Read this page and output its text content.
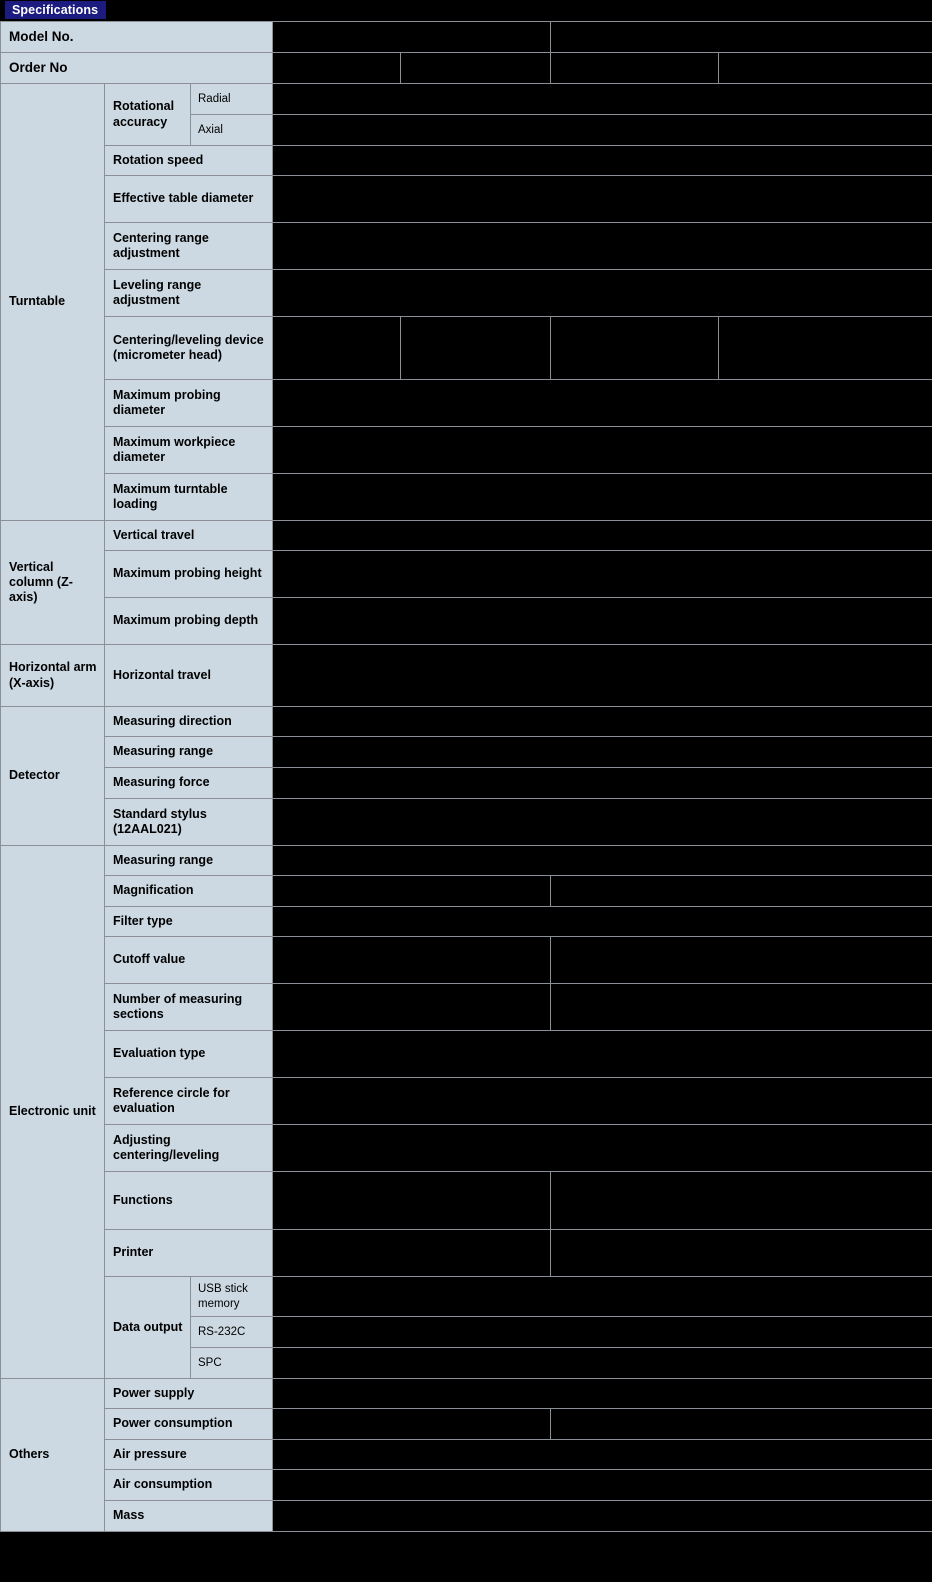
Specifications
Model No.					

Order No			

Turntable	Rotational accuracy	Radial				

		Axial				

	Rotation speed					

	Effective table diameter					

	Centering range adjustment					

	Leveling range adjustment					

	Centering/leveling device (micrometer head)		

	Maximum probing diameter					

	Maximum workpiece diameter					

	Maximum turntable loading					

Vertical column (Z-axis)	Vertical travel					

	Maximum probing height					

	Maximum probing depth					

Horizontal arm (X-axis)	Horizontal travel					

Detector	Measuring direction					

	Measuring range					

	Measuring force					

	Standard stylus (12AAL021)					

Electronic unit	Measuring range					

	Magnification				

	Filter type					

	Cutoff value				

	Number of measuring sections				

	Evaluation type					

	Reference circle for evaluation					

	Adjusting centering/leveling					

	Functions				

	Printer				

	Data output	USB stick memory				

		RS-232C				

		SPC				

Others	Power supply					

	Power consumption				

	Air pressure					

	Air consumption					

	Mass					
